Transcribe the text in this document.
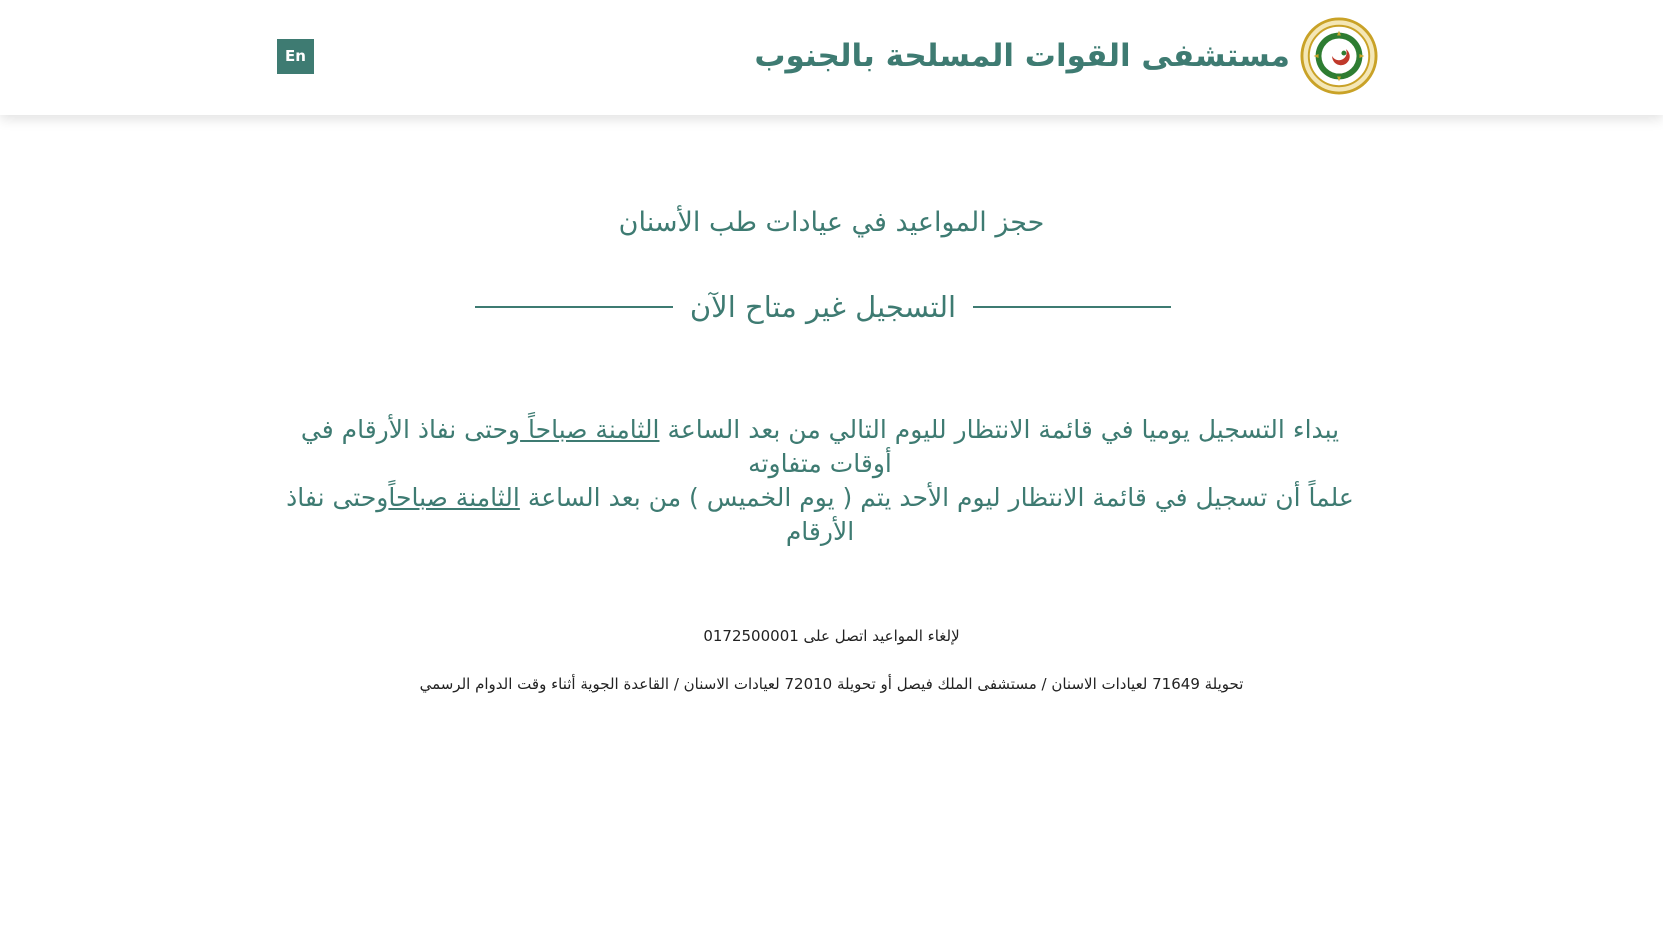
En	مستشفى القوات المسلحة بالجنوب
حجز المواعيد في عيادات طب الأسنان
التسجيل غير متاح الآن
يبداء التسجيل يوميا في قائمة الانتظار لليوم التالي من بعد الساعة الثامنة صباحاً وحتى نفاذ الأرقام في أوقات متفاوته
علماً أن تسجيل في قائمة الانتظار ليوم الأحد يتم ( يوم الخميس ) من بعد الساعة الثامنة صباحاًوحتى نفاذ الأرقام
لإلغاء المواعيد اتصل على 0172500001
تحويلة 71649 لعيادات الاسنان / مستشفى الملك فيصل أو تحويلة 72010 لعيادات الاسنان / القاعدة الجوية أثناء وقت الدوام الرسمي
